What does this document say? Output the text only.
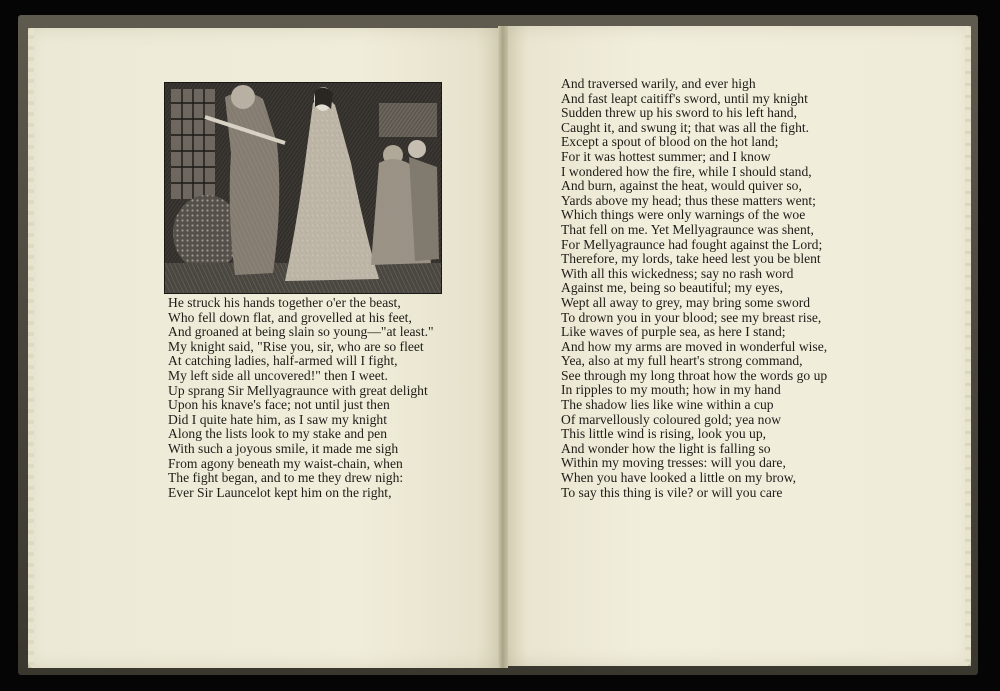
He struck his hands together o'er the beast,
Who fell down flat, and grovelled at his feet,
And groaned at being slain so young—"at least."
My knight said, "Rise you, sir, who are so fleet
At catching ladies, half-armed will I fight,
My left side all uncovered!" then I weet.
Up sprang Sir Mellyagraunce with great delight
Upon his knave's face; not until just then
Did I quite hate him, as I saw my knight
Along the lists look to my stake and pen
With such a joyous smile, it made me sigh
From agony beneath my waist-chain, when
The fight began, and to me they drew nigh:
Ever Sir Launcelot kept him on the right,
And traversed warily, and ever high
And fast leapt caitiff's sword, until my knight
Sudden threw up his sword to his left hand,
Caught it, and swung it; that was all the fight.
Except a spout of blood on the hot land;
For it was hottest summer; and I know
I wondered how the fire, while I should stand,
And burn, against the heat, would quiver so,
Yards above my head; thus these matters went;
Which things were only warnings of the woe
That fell on me. Yet Mellyagraunce was shent,
For Mellyagraunce had fought against the Lord;
Therefore, my lords, take heed lest you be blent
With all this wickedness; say no rash word
Against me, being so beautiful; my eyes,
Wept all away to grey, may bring some sword
To drown you in your blood; see my breast rise,
Like waves of purple sea, as here I stand;
And how my arms are moved in wonderful wise,
Yea, also at my full heart's strong command,
See through my long throat how the words go up
In ripples to my mouth; how in my hand
The shadow lies like wine within a cup
Of marvellously coloured gold; yea now
This little wind is rising, look you up,
And wonder how the light is falling so
Within my moving tresses: will you dare,
When you have looked a little on my brow,
To say this thing is vile? or will you care
